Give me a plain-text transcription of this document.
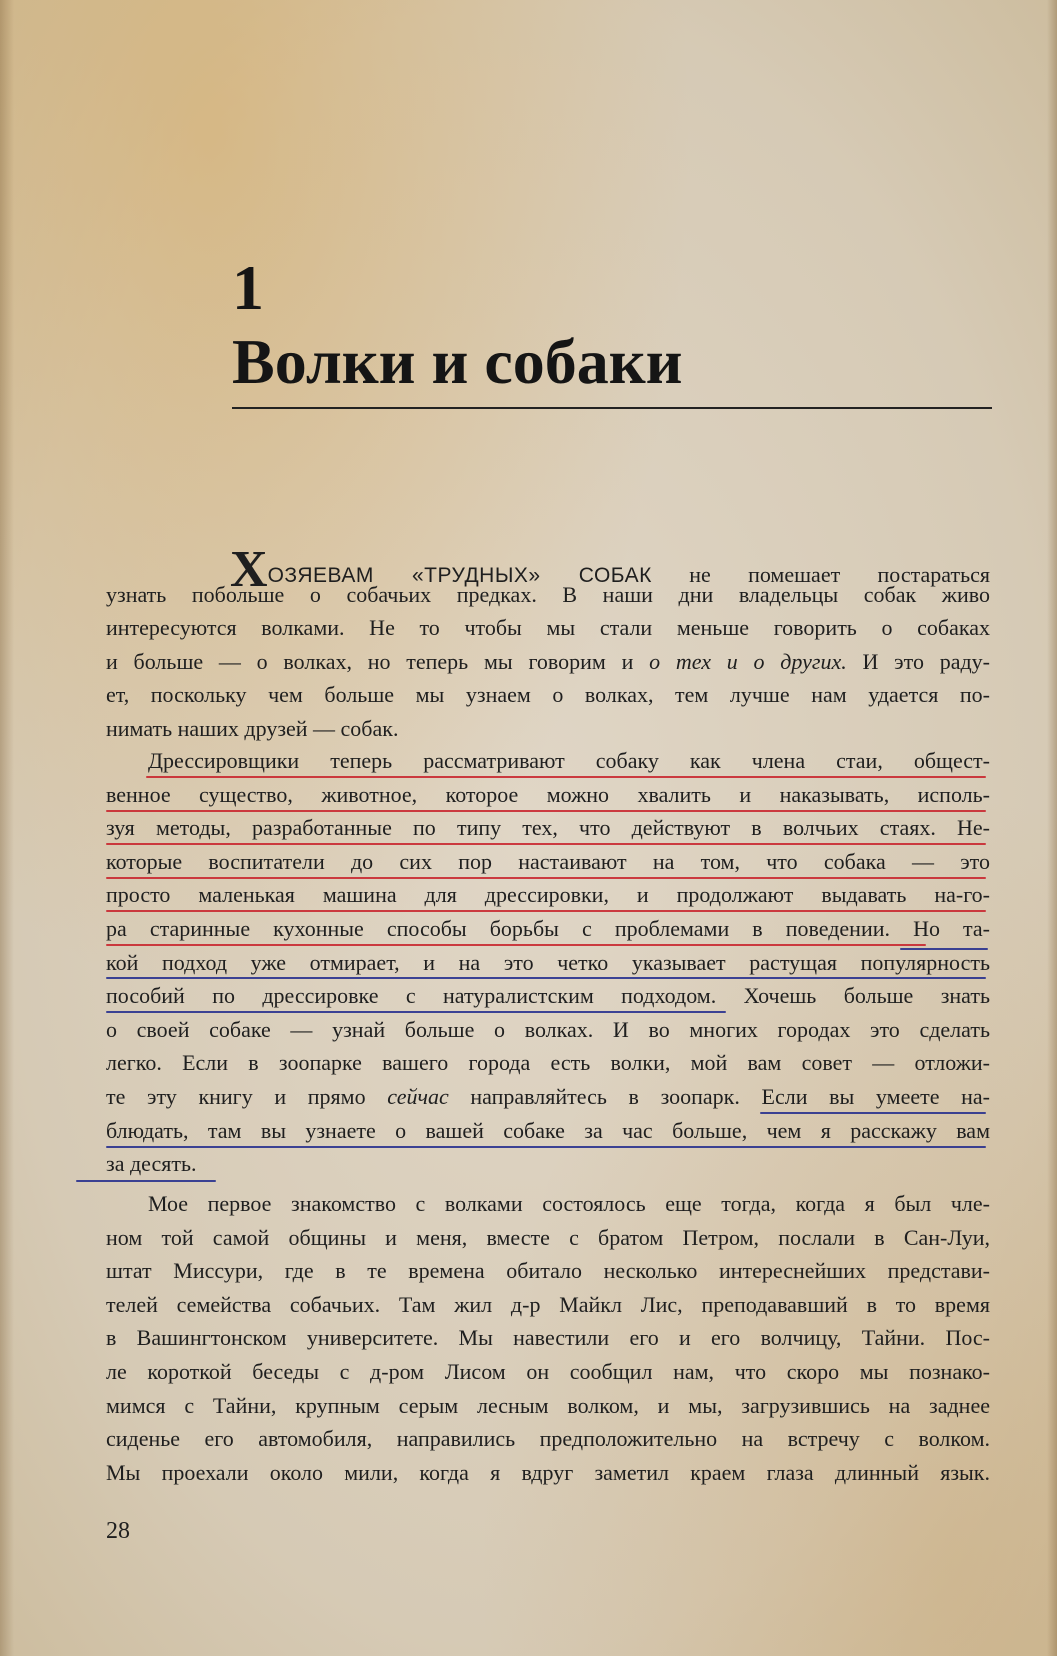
1
Волки и собаки
ХОЗЯЕВАМ «ТРУДНЫХ» СОБАК не помешает постараться
узнать побольше о собачьих предках. В наши дни владельцы собак живо
интересуются волками. Не то чтобы мы стали меньше говорить о собаках
и больше — о волках, но теперь мы говорим и о тех и о других. И это раду-
ет, поскольку чем больше мы узнаем о волках, тем лучше нам удается по-
нимать наших друзей — собак.
Дрессировщики теперь рассматривают собаку как члена стаи, общест-
венное существо, животное, которое можно хвалить и наказывать, исполь-
зуя методы, разработанные по типу тех, что действуют в волчьих стаях. Не-
которые воспитатели до сих пор настаивают на том, что собака — это
просто маленькая машина для дрессировки, и продолжают выдавать на-го-
ра старинные кухонные способы борьбы с проблемами в поведении. Но та-
кой подход уже отмирает, и на это четко указывает растущая популярность
пособий по дрессировке с натуралистским подходом. Хочешь больше знать
о своей собаке — узнай больше о волках. И во многих городах это сделать
легко. Если в зоопарке вашего города есть волки, мой вам совет — отложи-
те эту книгу и прямо сейчас направляйтесь в зоопарк. Если вы умеете на-
блюдать, там вы узнаете о вашей собаке за час больше, чем я расскажу вам
за десять.
Мое первое знакомство с волками состоялось еще тогда, когда я был чле-
ном той самой общины и меня, вместе с братом Петром, послали в Сан-Луи,
штат Миссури, где в те времена обитало несколько интереснейших представи-
телей семейства собачьих. Там жил д-р Майкл Лис, преподававший в то время
в Вашингтонском университете. Мы навестили его и его волчицу, Тайни. Пос-
ле короткой беседы с д-ром Лисом он сообщил нам, что скоро мы познако-
мимся с Тайни, крупным серым лесным волком, и мы, загрузившись на заднее
сиденье его автомобиля, направились предположительно на встречу с волком.
Мы проехали около мили, когда я вдруг заметил краем глаза длинный язык.
28
